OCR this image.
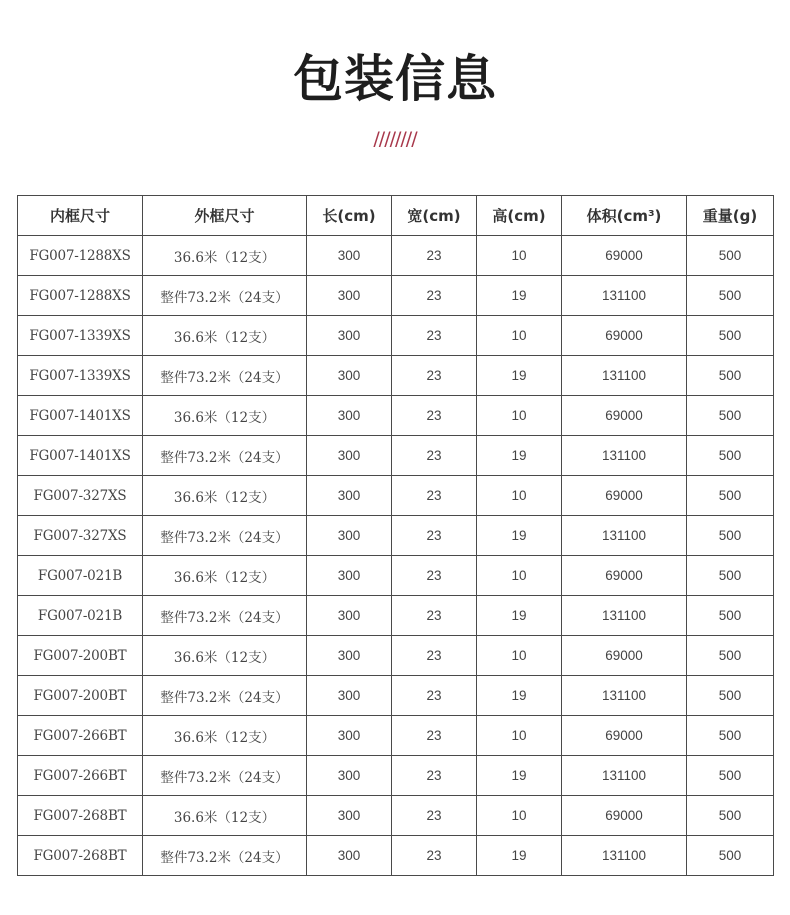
包装信息
////////
内框尺寸	外框尺寸	长(cm)	宽(cm)	高(cm)	体积(cm³)	重量(g)
FG007-1288XS	36.6米（12支）	300	23	10	69000	500
FG007-1288XS	整件73.2米（24支）	300	23	19	131100	500
FG007-1339XS	36.6米（12支）	300	23	10	69000	500
FG007-1339XS	整件73.2米（24支）	300	23	19	131100	500
FG007-1401XS	36.6米（12支）	300	23	10	69000	500
FG007-1401XS	整件73.2米（24支）	300	23	19	131100	500
FG007-327XS	36.6米（12支）	300	23	10	69000	500
FG007-327XS	整件73.2米（24支）	300	23	19	131100	500
FG007-021B	36.6米（12支）	300	23	10	69000	500
FG007-021B	整件73.2米（24支）	300	23	19	131100	500
FG007-200BT	36.6米（12支）	300	23	10	69000	500
FG007-200BT	整件73.2米（24支）	300	23	19	131100	500
FG007-266BT	36.6米（12支）	300	23	10	69000	500
FG007-266BT	整件73.2米（24支）	300	23	19	131100	500
FG007-268BT	36.6米（12支）	300	23	10	69000	500
FG007-268BT	整件73.2米（24支）	300	23	19	131100	500
